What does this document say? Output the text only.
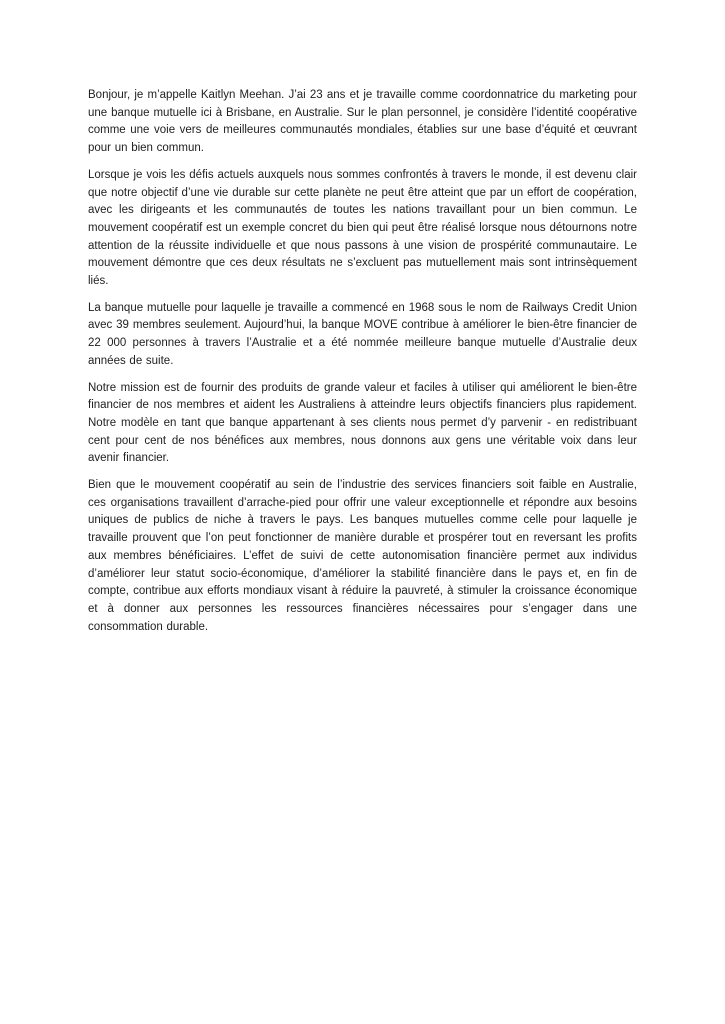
Bonjour, je m’appelle Kaitlyn Meehan. J’ai 23 ans et je travaille comme coordonnatrice du marketing pour une banque mutuelle ici à Brisbane, en Australie. Sur le plan personnel, je considère l’identité coopérative comme une voie vers de meilleures communautés mondiales, établies sur une base d’équité et œuvrant pour un bien commun.

Lorsque je vois les défis actuels auxquels nous sommes confrontés à travers le monde, il est devenu clair que notre objectif d’une vie durable sur cette planète ne peut être atteint que par un effort de coopération, avec les dirigeants et les communautés de toutes les nations travaillant pour un bien commun. Le mouvement coopératif est un exemple concret du bien qui peut être réalisé lorsque nous détournons notre attention de la réussite individuelle et que nous passons à une vision de prospérité communautaire. Le mouvement démontre que ces deux résultats ne s’excluent pas mutuellement mais sont intrinsèquement liés.

La banque mutuelle pour laquelle je travaille a commencé en 1968 sous le nom de Railways Credit Union avec 39 membres seulement. Aujourd’hui, la banque MOVE contribue à améliorer le bien-être financier de 22 000 personnes à travers l’Australie et a été nommée meilleure banque mutuelle d’Australie deux années de suite.

Notre mission est de fournir des produits de grande valeur et faciles à utiliser qui améliorent le bien-être financier de nos membres et aident les Australiens à atteindre leurs objectifs financiers plus rapidement. Notre modèle en tant que banque appartenant à ses clients nous permet d’y parvenir - en redistribuant cent pour cent de nos bénéfices aux membres, nous donnons aux gens une véritable voix dans leur avenir financier.

Bien que le mouvement coopératif au sein de l’industrie des services financiers soit faible en Australie, ces organisations travaillent d’arrache-pied pour offrir une valeur exceptionnelle et répondre aux besoins uniques de publics de niche à travers le pays. Les banques mutuelles comme celle pour laquelle je travaille prouvent que l’on peut fonctionner de manière durable et prospérer tout en reversant les profits aux membres bénéficiaires. L’effet de suivi de cette autonomisation financière permet aux individus d’améliorer leur statut socio-économique, d’améliorer la stabilité financière dans le pays et, en fin de compte, contribue aux efforts mondiaux visant à réduire la pauvreté, à stimuler la croissance économique et à donner aux personnes les ressources financières nécessaires pour s’engager dans une consommation durable.
